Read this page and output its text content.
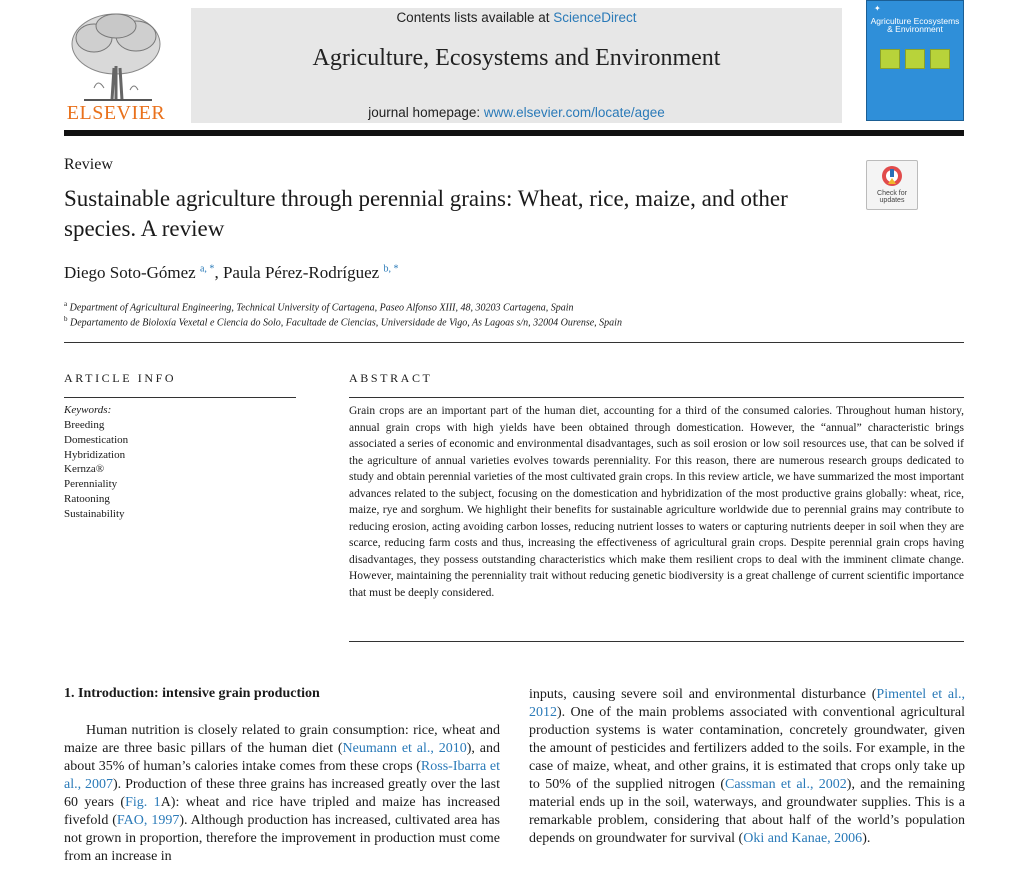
ELSEVIER
Contents lists available at ScienceDirect
Agriculture, Ecosystems and Environment
journal homepage: www.elsevier.com/locate/agee
✦
Agriculture Ecosystems & Environment
Review
Sustainable agriculture through perennial grains: Wheat, rice, maize, and other species. A review
Check for updates
Diego Soto-Gómez $^{a, *}$, Paula Pérez-Rodríguez $^{b, *}$
$^a$ Department of Agricultural Engineering, Technical University of Cartagena, Paseo Alfonso XIII, 48, 30203 Cartagena, Spain
$^b$ Departamento de Bioloxía Vexetal e Ciencia do Solo, Facultade de Ciencias, Universidade de Vigo, As Lagoas s/n, 32004 Ourense, Spain
ARTICLE INFO	ABSTRACT
Keywords:
Breeding
Domestication
Hybridization
Kernza®
Perenniality
Ratooning
Sustainability
Grain crops are an important part of the human diet, accounting for a third of the consumed calories. Throughout human history, annual grain crops with high yields have been obtained through domestication. However, the “annual” characteristic brings associated a series of economic and environmental disadvantages, such as soil erosion or low soil resources use, that can be solved if the agriculture of annual varieties evolves towards perenniality. For this reason, there are numerous research groups dedicated to study and obtain perennial varieties of the most cultivated grain crops. In this review article, we have summarized the most important advances related to the subject, focusing on the domestication and hybridization of the most productive grains globally: wheat, rice, maize, rye and sorghum. We highlight their benefits for sustainable agriculture worldwide due to perennial grains may contribute to reducing erosion, acting avoiding carbon losses, reducing nutrient losses to waters or capturing nutrients deeper in soil when they are scarce, reducing farm costs and thus, increasing the effectiveness of agricultural grain crops. Despite perennial grain crops having disadvantages, they possess outstanding characteristics which make them resilient crops to deal with the imminent climate change. However, maintaining the perenniality trait without reducing genetic biodiversity is a great challenge of current scientific importance that must be deeply considered.
1. Introduction: intensive grain production
Human nutrition is closely related to grain consumption: rice, wheat and maize are three basic pillars of the human diet (Neumann et al., 2010), and about 35% of human’s calories intake comes from these crops (Ross-Ibarra et al., 2007). Production of these three grains has increased greatly over the last 60 years (Fig. 1A): wheat and rice have tripled and maize has increased fivefold (FAO, 1997). Although production has increased, cultivated area has not grown in proportion, therefore the improvement in production must come from an increase in
inputs, causing severe soil and environmental disturbance (Pimentel et al., 2012). One of the main problems associated with conventional agricultural production systems is water contamination, concretely groundwater, given the amount of pesticides and fertilizers added to the soils. For example, in the case of maize, wheat, and other grains, it is estimated that crops only take up to 50% of the supplied nitrogen (Cassman et al., 2002), and the remaining material ends up in the soil, waterways, and groundwater supplies. This is a remarkable problem, considering that about half of the world’s population depends on groundwater for survival (Oki and Kanae, 2006).
